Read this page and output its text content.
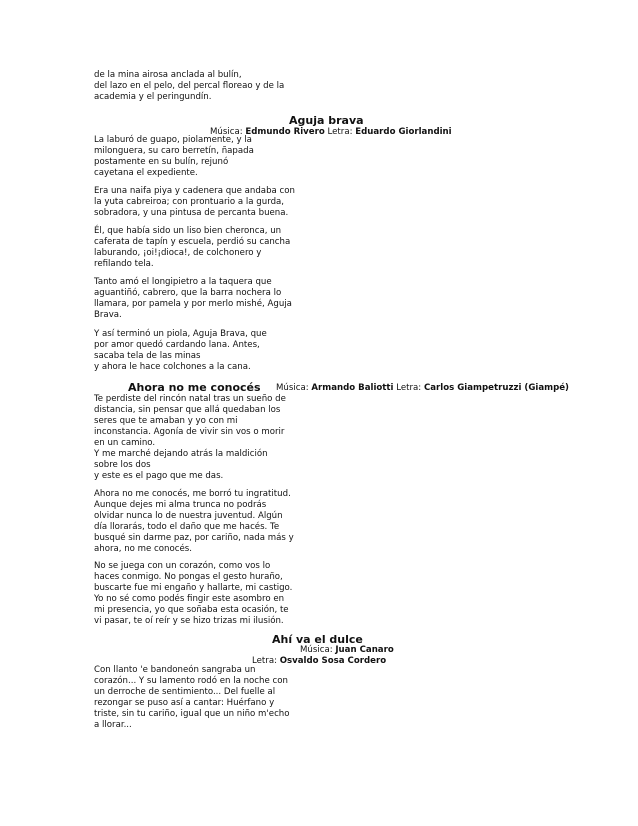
de la mina airosa anclada al bulín,
del lazo en el pelo, del percal floreao y de la
academia y el peringundín.

Aguja brava
Música: Edmundo Rivero Letra: Eduardo Giorlandini

La laburó de guapo, piolamente, y la
milonguera, su caro berretín, ñapada
postamente en su bulín, rejunó
cayetana el expediente.

Era una naifa piya y cadenera que andaba con
la yuta cabreiroa; con prontuario a la gurda,
sobradora, y una pintusa de percanta buena.

Él, que había sido un liso bien cheronca, un
caferata de tapín y escuela, perdió su cancha
laburando, ¡oi!¡dioca!, de colchonero y
refilando tela.

Tanto amó el longipietro a la taquera que
aguantiñó, cabrero, que la barra nochera lo
llamara, por pamela y por merlo mishé, Aguja
Brava.

Y así terminó un piola, Aguja Brava, que
por amor quedó cardando lana. Antes,
sacaba tela de las minas
y ahora le hace colchones a la cana.

Ahora no me conocés Música: Armando Baliotti Letra: Carlos Giampetruzzi (Giampé)

Te perdiste del rincón natal tras un sueño de
distancia, sin pensar que allá quedaban los
seres que te amaban y yo con mi
inconstancia. Agonía de vivir sin vos o morir
en un camino.
Y me marché dejando atrás la maldición
sobre los dos
y este es el pago que me das.

Ahora no me conocés, me borró tu ingratitud.
Aunque dejes mi alma trunca no podrás
olvidar nunca lo de nuestra juventud. Algún
día llorarás, todo el daño que me hacés. Te
busqué sin darme paz, por cariño, nada más y
ahora, no me conocés.

No se juega con un corazón, como vos lo
haces conmigo. No pongas el gesto huraño,
buscarte fue mi engaño y hallarte, mi castigo.
Yo no sé como podés fingir este asombro en
mi presencia, yo que soñaba esta ocasión, te
vi pasar, te oí reír y se hizo trizas mi ilusión.

Ahí va el dulce
Música: Juan Canaro
Letra: Osvaldo Sosa Cordero

Con llanto 'e bandoneón sangraba un
corazón... Y su lamento rodó en la noche con
un derroche de sentimiento... Del fuelle al
rezongar se puso así a cantar: Huérfano y
triste, sin tu cariño, igual que un niño m'echo
a llorar...
